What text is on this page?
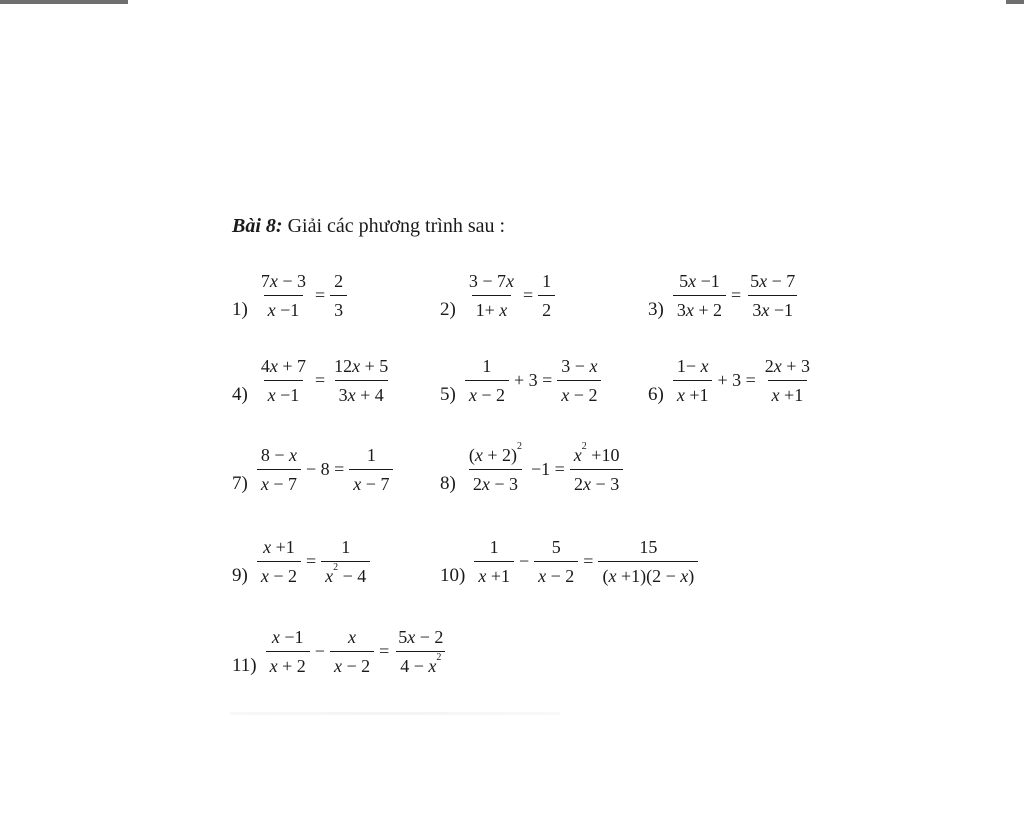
Bài 8: Giải các phương trình sau :
$1) \frac{7x - 3}{x -1} = \frac{2}{3}$	$2) \frac{3 - 7x}{1+ x} = \frac{1}{2}$	$3) \frac{5x -1}{3x + 2} = \frac{5x - 7}{3x -1}$
$4) \frac{4x + 7}{x -1} = \frac{12x + 5}{3x + 4}$	$5) \frac{1}{x - 2} + 3 = \frac{3 - x}{x - 2} 6) \frac{1- x}{x +1} + 3 = \frac{2x + 3}{x +1}$
$7) \frac{8 - x}{x - 7} - 8 = \frac{1}{x - 7} 8) \frac{(x + 2)^2}{2x - 3} -1 = \frac{x^2 +10}{2x - 3}$
$9) \frac{x +1}{x - 2} = \frac{1}{x^2 - 4}$	$10) \frac{1}{x +1} - \frac{5}{x - 2} = \frac{15}{(x +1)(2 - x)}$
$11) \frac{x -1}{x + 2} - \frac{x}{x - 2} = \frac{5x - 2}{4 - x^2}$
